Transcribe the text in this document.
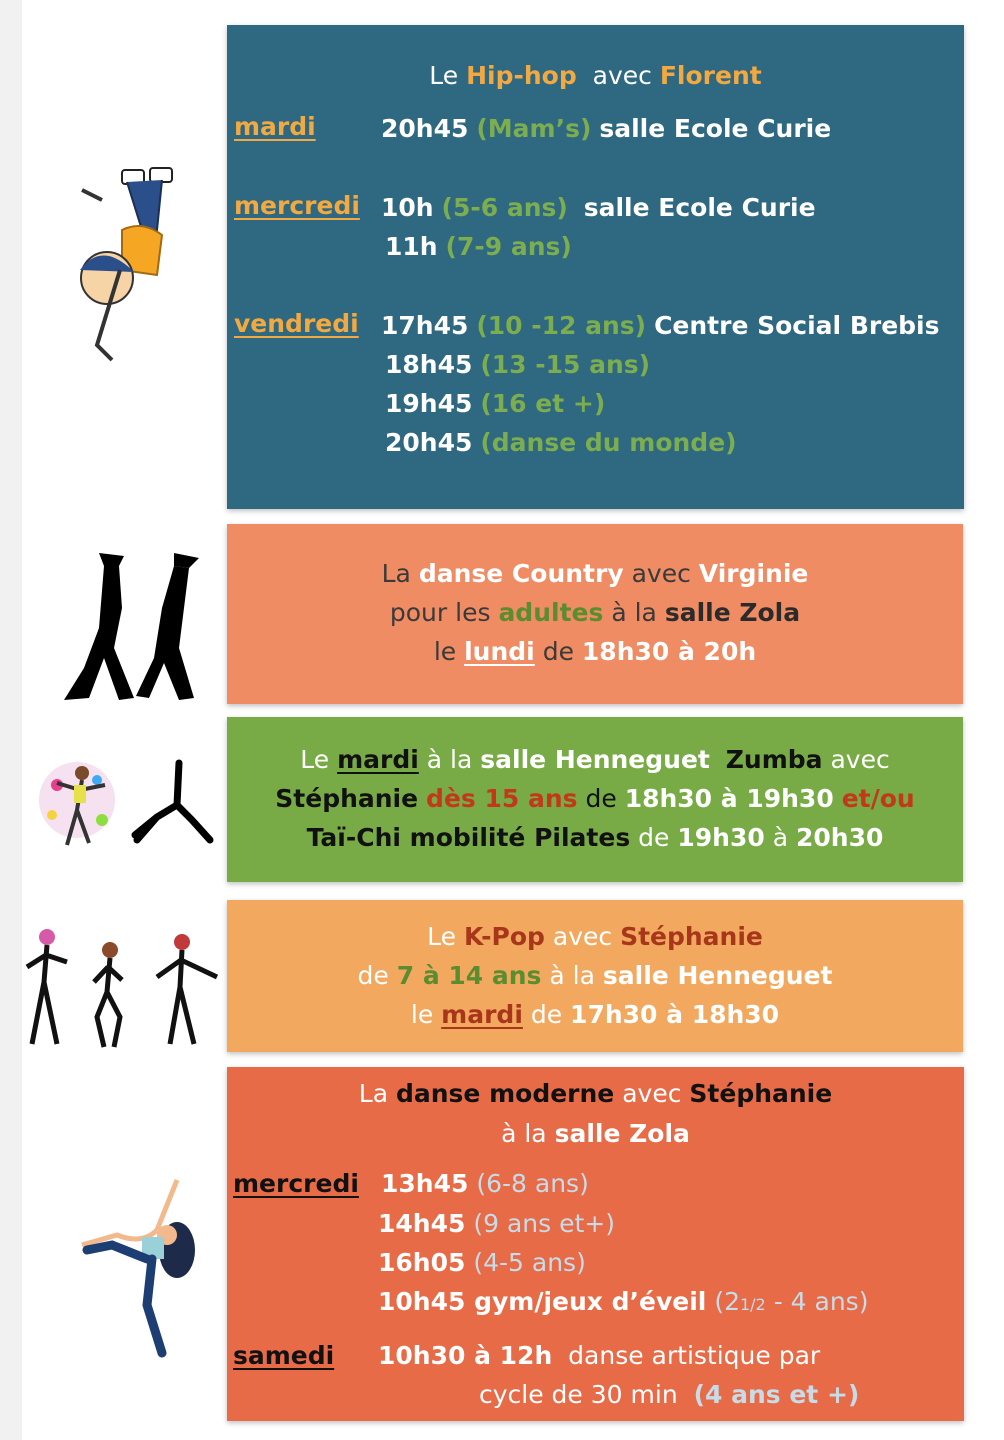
Le Hip-hop avec Florent
mardi	20h45 (Mam’s) salle Ecole Curie
mercredi 10h (5-6 ans) salle Ecole Curie
11h (7-9 ans)
vendredi 17h45 (10 -12 ans) Centre Social Brebis
18h45 (13 -15 ans)
19h45 (16 et +)
20h45 (danse du monde)
La danse Country avec Virginie
pour les adultes à la salle Zola
le lundi de 18h30 à 20h
Le mardi à la salle Henneguet Zumba avec
Stéphanie dès 15 ans de 18h30 à 19h30 et/ou
Taï-Chi mobilité Pilates de 19h30 à 20h30
Le K-Pop avec Stéphanie
de 7 à 14 ans à la salle Henneguet
le mardi de 17h30 à 18h30
La danse moderne avec Stéphanie
à la salle Zola
mercredi 13h45 (6-8 ans)
14h45 (9 ans et+)
16h05 (4-5 ans)
10h45 gym/jeux d’éveil (21/2 - 4 ans)
samedi 10h30 à 12h danse artistique par
cycle de 30 min (4 ans et +)
